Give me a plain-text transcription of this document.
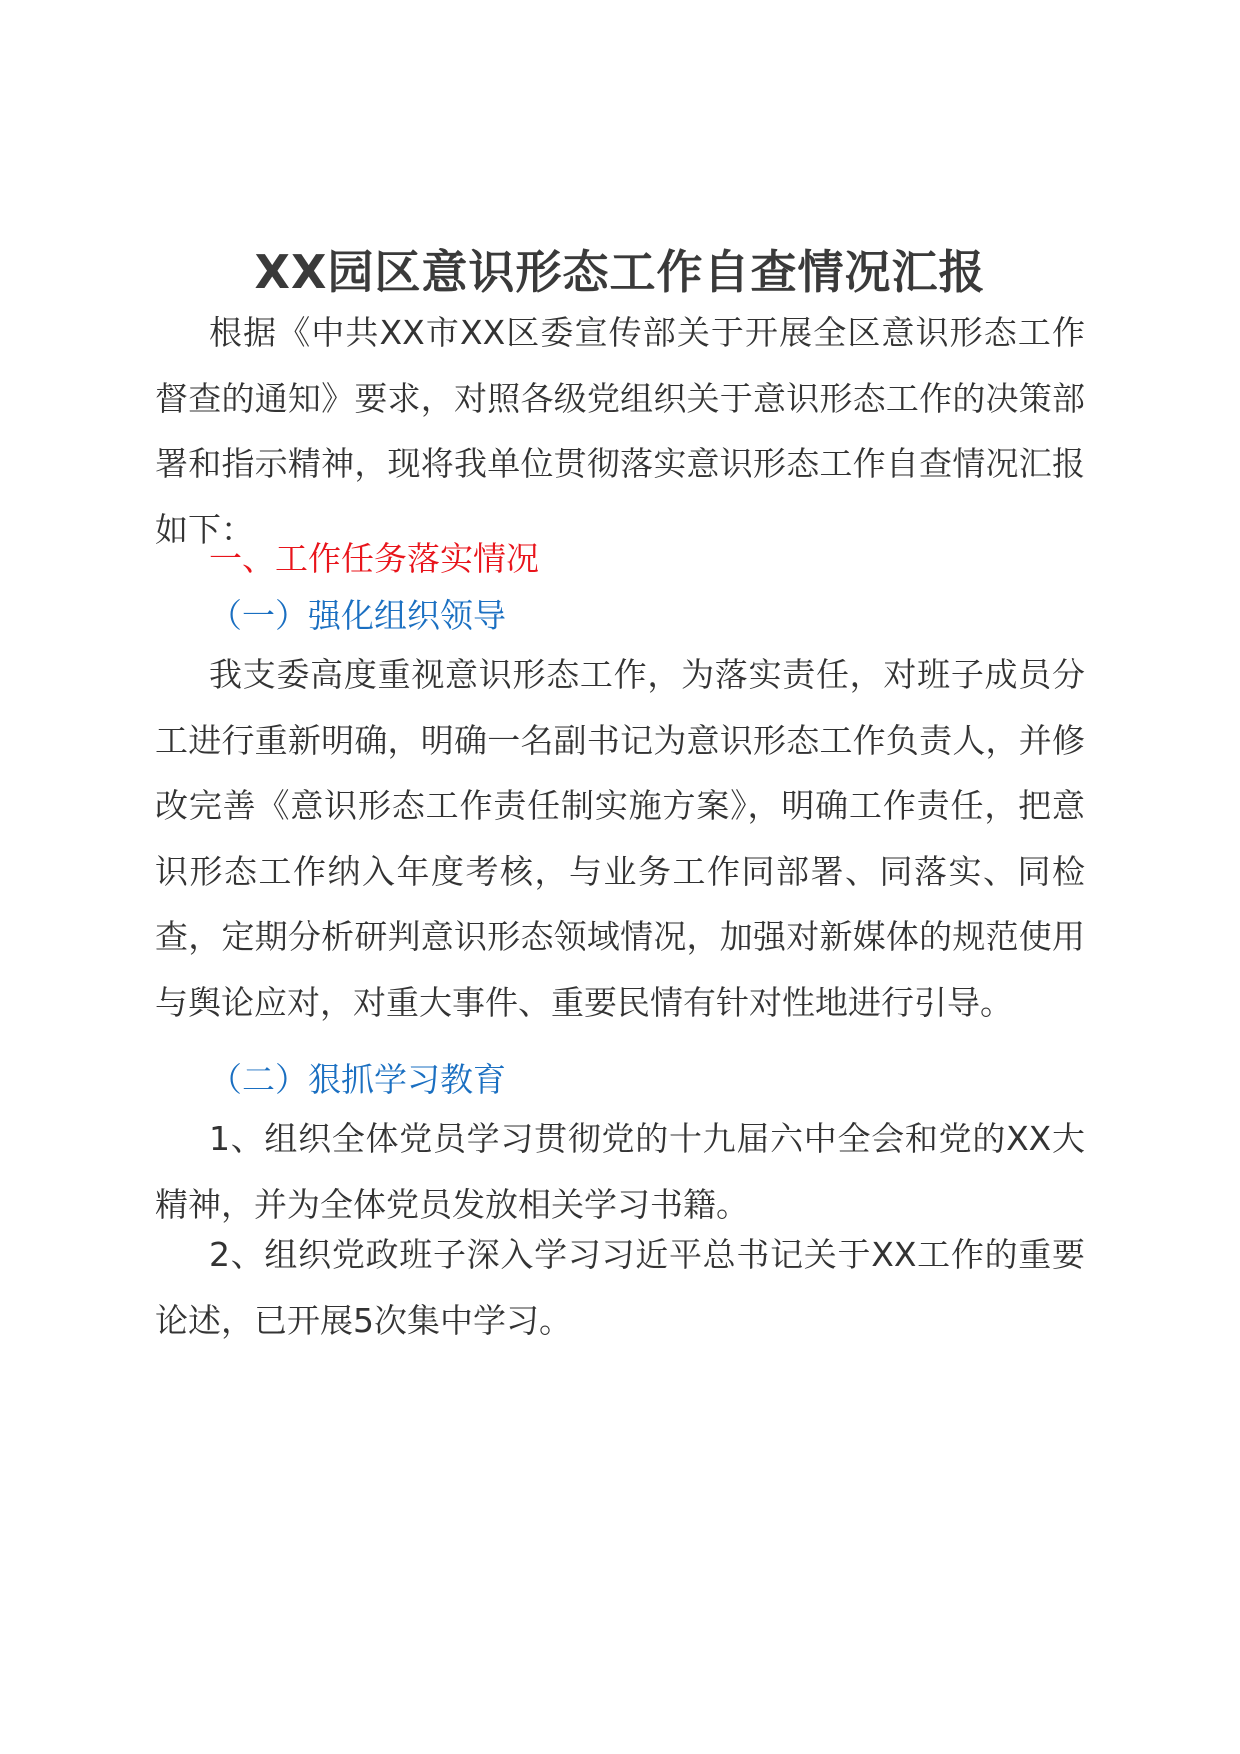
XX园区意识形态工作自查情况汇报

根据《中共XX市XX区委宣传部关于开展全区意识形态工作督查的通知》要求，对照各级党组织关于意识形态工作的决策部署和指示精神，现将我单位贯彻落实意识形态工作自查情况汇报如下：

一、工作任务落实情况

（一）强化组织领导

我支委高度重视意识形态工作，为落实责任，对班子成员分工进行重新明确，明确一名副书记为意识形态工作负责人，并修改完善《意识形态工作责任制实施方案》，明确工作责任，把意识形态工作纳入年度考核，与业务工作同部署、同落实、同检查，定期分析研判意识形态领域情况，加强对新媒体的规范使用与舆论应对，对重大事件、重要民情有针对性地进行引导。

（二）狠抓学习教育

1、组织全体党员学习贯彻党的十九届六中全会和党的XX大精神，并为全体党员发放相关学习书籍。

2、组织党政班子深入学习习近平总书记关于XX工作的重要论述，已开展5次集中学习。
